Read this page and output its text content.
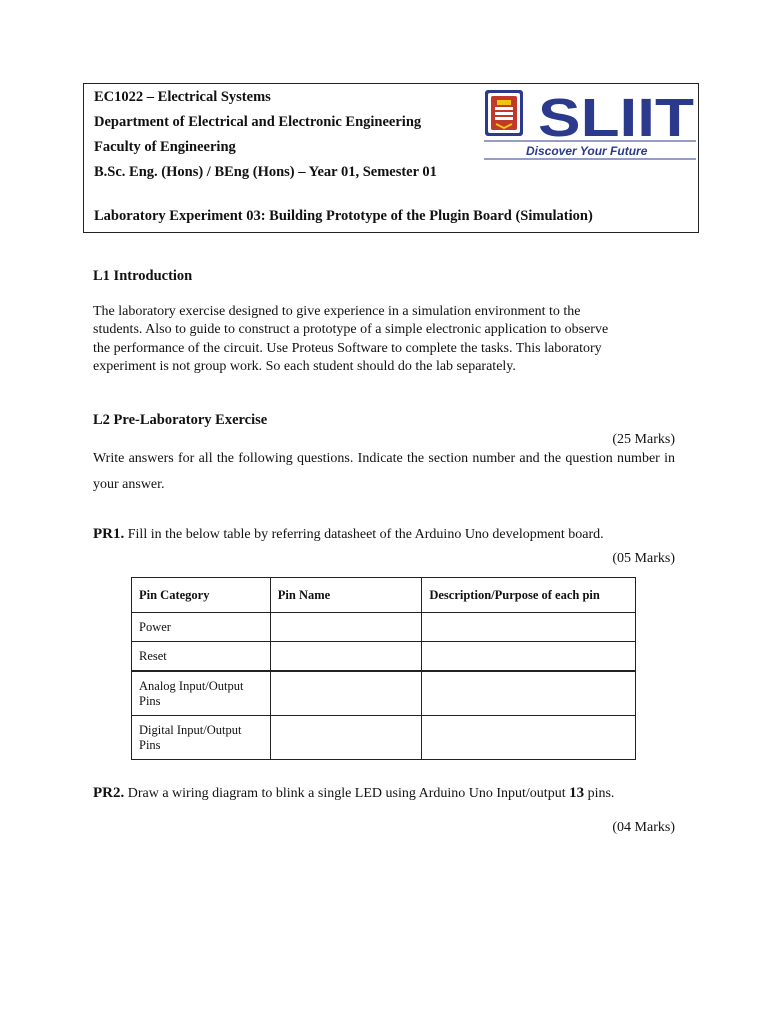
EC1022 – Electrical Systems
Department of Electrical and Electronic Engineering
Faculty of Engineering
B.Sc. Eng. (Hons) / BEng (Hons) – Year 01, Semester 01
Laboratory Experiment 03: Building Prototype of the Plugin Board (Simulation)
SLIIT
Discover Your Future
L1 Introduction

The laboratory exercise designed to give experience in a simulation environment to the

students. Also to guide to construct a prototype of a simple electronic application to observe

the performance of the circuit. Use Proteus Software to complete the tasks. This laboratory

experiment is not group work. So each student should do the lab separately.

L2 Pre-Laboratory Exercise
(25 Marks)
Write answers for all the following questions. Indicate the section number and the question number in your answer.
PR1. Fill in the below table by referring datasheet of the Arduino Uno development board.
(05 Marks)
Pin Category	Pin Name	Description/Purpose of each pin
Power		
Reset		
Analog Input/Output Pins		
Digital Input/Output Pins		
PR2. Draw a wiring diagram to blink a single LED using Arduino Uno Input/output 13 pins.
(04 Marks)
